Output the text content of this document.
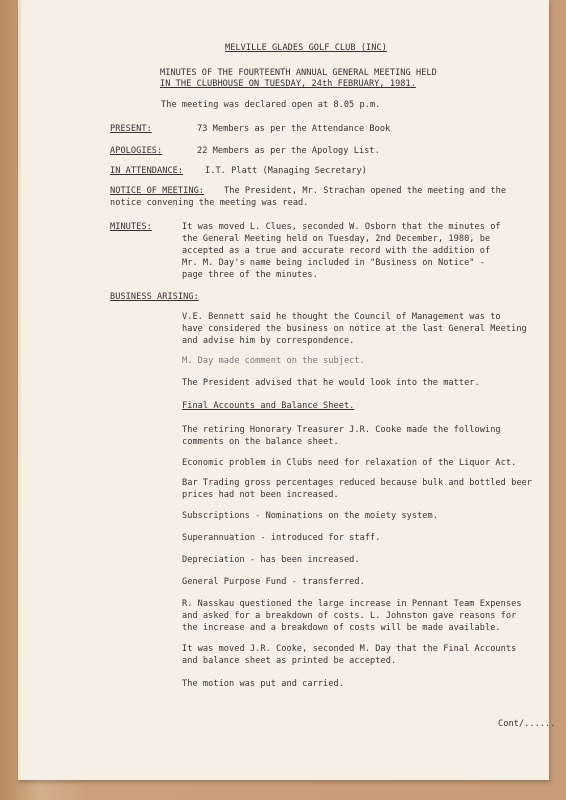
MELVILLE GLADES GOLF CLUB (INC)
MINUTES OF THE FOURTEENTH ANNUAL GENERAL MEETING HELD
IN THE CLUBHOUSE ON TUESDAY, 24th FEBRUARY, 1981.
The meeting was declared open at 8.05 p.m.
PRESENT:	73 Members as per the Attendance Book
APOLOGIES:	22 Members as per the Apology List.
IN ATTENDANCE:	I.T. Platt (Managing Secretary)
NOTICE OF MEETING: The President, Mr. Strachan opened the meeting and the
notice convening the meeting was read.
MINUTES:	It was moved L. Clues, seconded W. Osborn that the minutes of
the General Meeting held on Tuesday, 2nd December, 1980, be
accepted as a true and accurate record with the addition of
Mr. M. Day's name being included in "Business on Notice" -
page three of the minutes.
BUSINESS ARISING:
V.E. Bennett said he thought the Council of Management was to
have considered the business on notice at the last General Meeting
and advise him by correspondence.
M. Day made comment on the subject.
The President advised that he would look into the matter.
Final Accounts and Balance Sheet.
The retiring Honorary Treasurer J.R. Cooke made the following
comments on the balance sheet.
Economic problem in Clubs need for relaxation of the Liquor Act.
Bar Trading gross percentages reduced because bulk and bottled beer
prices had not been increased.
Subscriptions - Nominations on the moiety system.
Superannuation - introduced for staff.
Depreciation - has been increased.
General Purpose Fund - transferred.
R. Nasskau questioned the large increase in Pennant Team Expenses
and asked for a breakdown of costs. L. Johnston gave reasons for
the increase and a breakdown of costs will be made available.
It was moved J.R. Cooke, seconded M. Day that the Final Accounts
and balance sheet as printed be accepted.
The motion was put and carried.
Cont/......
